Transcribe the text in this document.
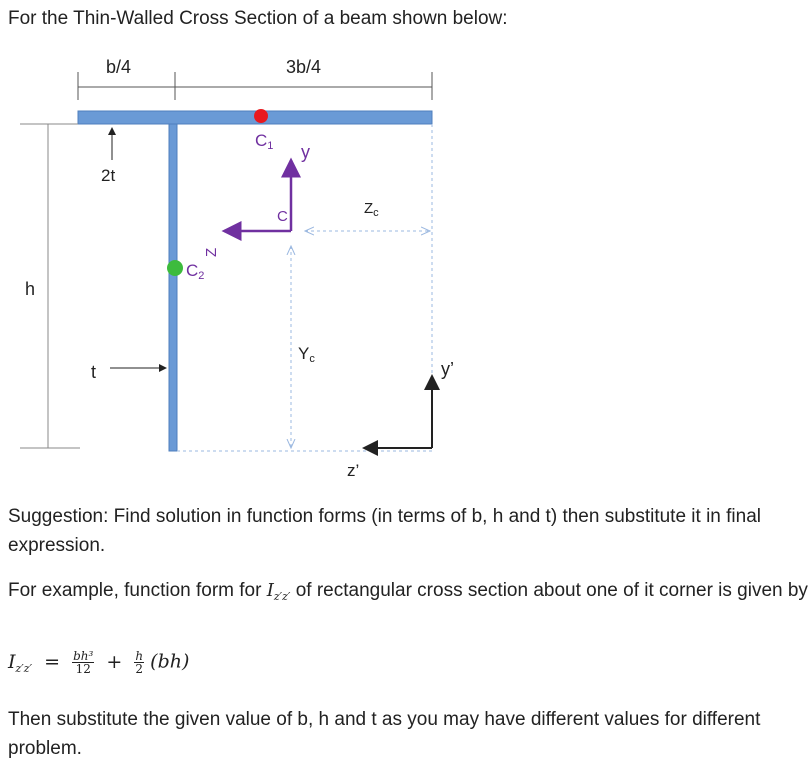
For the Thin-Walled Cross Section of a beam shown below:
b/4	3b/4
2t
h
t
C1
C2
y
Z
C	$Z_c$
Yc	y’
z’
Suggestion: Find solution in function forms (in terms of b, h and t) then substitute it in final expression.
For example, function form for $I_{z'z'}$ of rectangular cross section about one of it corner is given by
$I_{z'z'} = \frac{\text{bh³}}{12} + \frac{h}{2} (bh)$
Then substitute the given value of b, h and t as you may have different values for different problem.
